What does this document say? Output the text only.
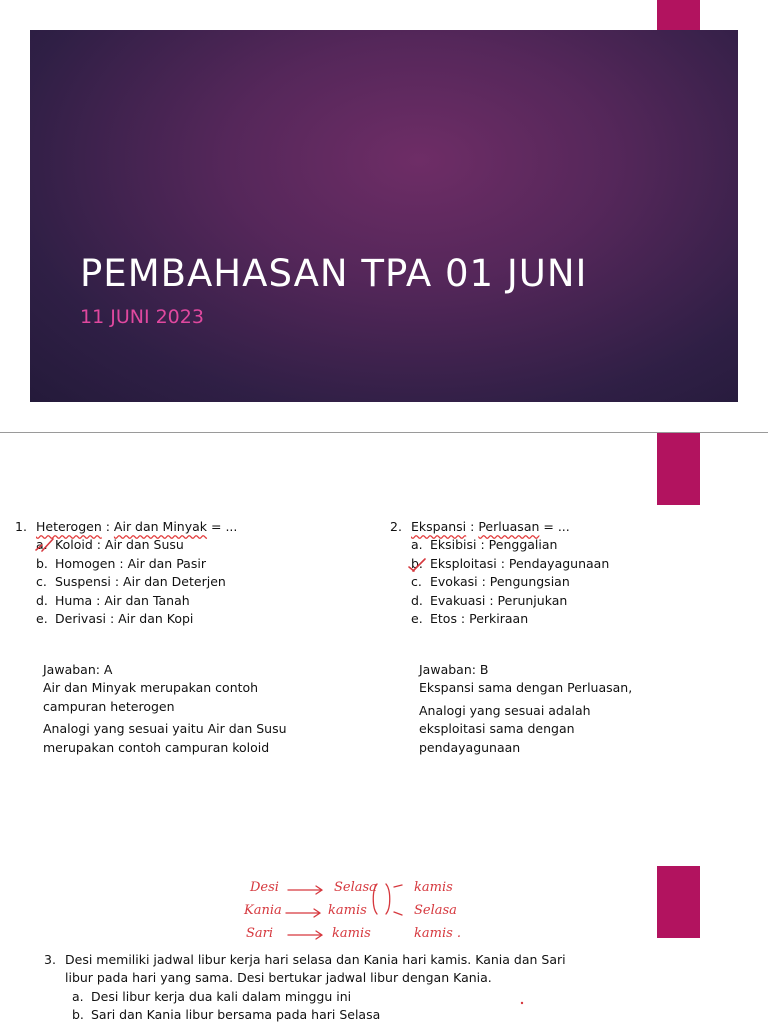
PEMBAHASAN TPA 01 JUNI
11 JUNI 2023
1. Heterogen : Air dan Minyak = ...
a. Koloid : Air dan Susu
b. Homogen : Air dan Pasir
c. Suspensi : Air dan Deterjen
d. Huma : Air dan Tanah
e. Derivasi : Air dan Kopi
2. Ekspansi : Perluasan = ...
a. Eksibisi : Penggalian
b. Eksploitasi : Pendayagunaan
c. Evokasi : Pengungsian
d. Evakuasi : Perunjukan
e. Etos : Perkiraan

Jawaban: A

Air dan Minyak merupakan contoh campuran heterogen

Analogi yang sesuai yaitu Air dan Susu merupakan contoh campuran koloid

Jawaban: B

Ekspansi sama dengan Perluasan,

Analogi yang sesuai adalah eksploitasi sama dengan pendayagunaan

Desi	Selasa	kamis
Kania	kamis	Selasa
Sari	kamis	kamis .
3. Desi memiliki jadwal libur kerja hari selasa dan Kania hari kamis. Kania dan Sari
libur pada hari yang sama. Desi bertukar jadwal libur dengan Kania.
a. Desi libur kerja dua kali dalam minggu ini
b. Sari dan Kania libur bersama pada hari Selasa
